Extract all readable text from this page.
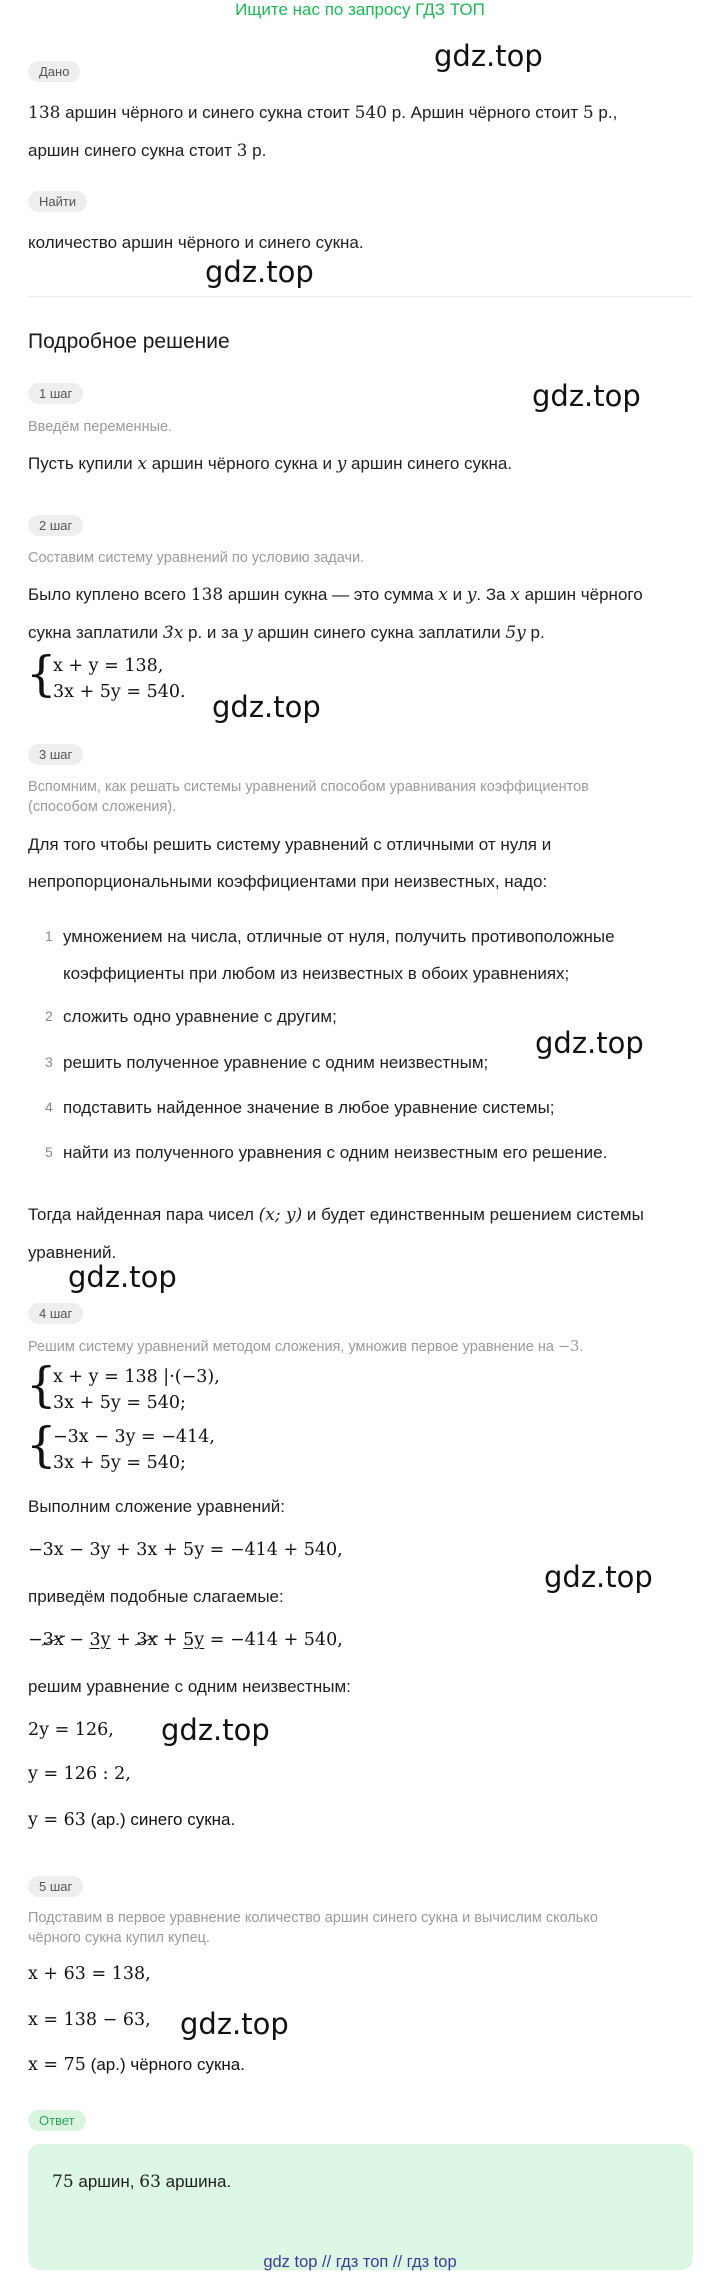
Ищите нас по запросу ГДЗ ТОП
gdz.top
gdz.top
gdz.top
gdz.top
gdz.top
gdz.top
gdz.top
gdz.top
gdz.top
Дано
138 аршин чёрного и синего сукна стоит 540 р. Аршин чёрного стоит 5 р.,
аршин синего сукна стоит 3 р.
Найти
количество аршин чёрного и синего сукна.
Подробное решение
1 шаг
Введём переменные.
Пусть купили x аршин чёрного сукна и y аршин синего сукна.
2 шаг
Составим систему уравнений по условию задачи.
Было куплено всего 138 аршин сукна — это сумма x и y. За x аршин чёрного
сукна заплатили 3x р. и за y аршин синего сукна заплатили 5y р.
{
x + y = 138,
3x + 5y = 540.
3 шаг
Вспомним, как решать системы уравнений способом уравнивания коэффициентов
(способом сложения).
Для того чтобы решить систему уравнений с отличными от нуля и
непропорциональными коэффициентами при неизвестных, надо:
1 умножением на числа, отличные от нуля, получить противоположные
коэффициенты при любом из неизвестных в обоих уравнениях;
2 сложить одно уравнение с другим;
3 решить полученное уравнение с одним неизвестным;
4 подставить найденное значение в любое уравнение системы;
5 найти из полученного уравнения с одним неизвестным его решение.
Тогда найденная пара чисел (x; y) и будет единственным решением системы
уравнений.
4 шаг
Решим систему уравнений методом сложения, умножив первое уравнение на −3.
{
x + y = 138 |·(−3),
3x + 5y = 540;
{
−3x − 3y = −414,
3x + 5y = 540;
Выполним сложение уравнений:
−3x − 3y + 3x + 5y = −414 + 540,
приведём подобные слагаемые:
−3x − 3y + 3x + 5y = −414 + 540,
решим уравнение с одним неизвестным:
2y = 126,
y = 126 : 2,
y = 63 (ар.) синего сукна.
5 шаг
Подставим в первое уравнение количество аршин синего сукна и вычислим сколько
чёрного сукна купил купец.
x + 63 = 138,
x = 138 − 63,
x = 75 (ар.) чёрного сукна.
Ответ
75 аршин, 63 аршина.
gdz top // гдз топ // гдз top
